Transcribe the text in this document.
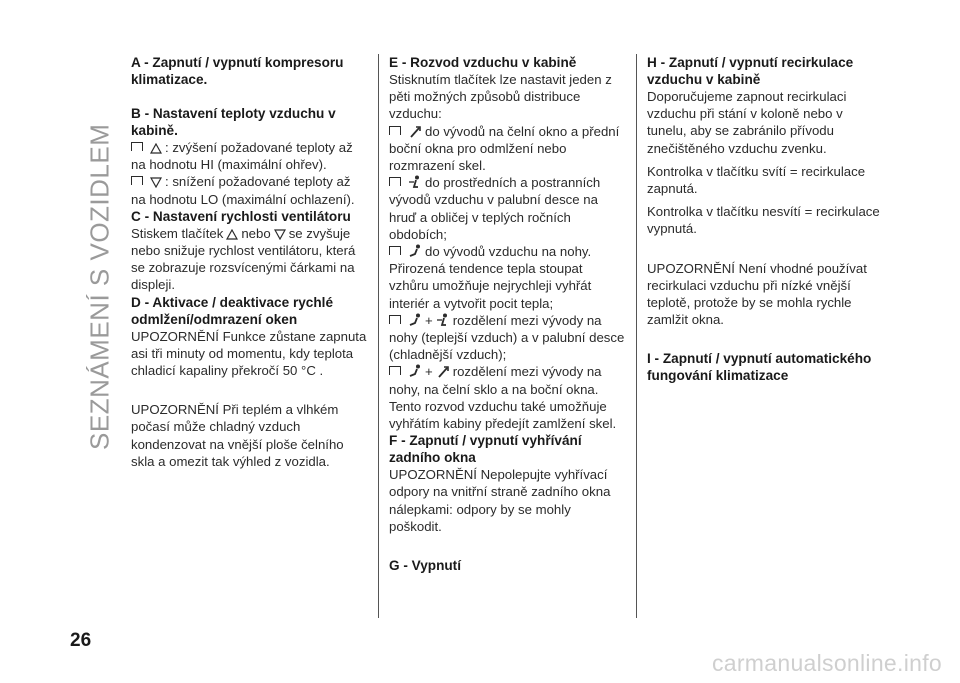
SEZNÁMENÍ S VOZIDLEM
A - Zapnutí / vypnutí kompresoru klimatizace.
B - Nastavení teploty vzduchu v kabině.

: zvýšení požadované teploty až na hodnotu HI (maximální ohřev).

: snížení požadované teploty až na hodnotu LO (maximální ochlazení).

C - Nastavení rychlosti ventilátoru

Stiskem tlačítek nebo se zvyšuje nebo snižuje rychlost ventilátoru, která se zobrazuje rozsvícenými čárkami na displeji.

D - Aktivace / deaktivace rychlé odmlžení/odmrazení oken

UPOZORNĚNÍ Funkce zůstane zapnuta asi tři minuty od momentu, kdy teplota chladicí kapaliny překročí 50 °C .

UPOZORNĚNÍ Při teplém a vlhkém počasí může chladný vzduch kondenzovat na vnější ploše čelního skla a omezit tak výhled z vozidla.

E - Rozvod vzduchu v kabině

Stisknutím tlačítek lze nastavit jeden z pěti možných způsobů distribuce vzduchu:

do vývodů na čelní okno a přední boční okna pro odmlžení nebo rozmrazení skel.

do prostředních a postranních vývodů vzduchu v palubní desce na hruď a obličej v teplých ročních obdobích;

do vývodů vzduchu na nohy. Přirozená tendence tepla stoupat vzhůru umožňuje nejrychleji vyhřát interiér a vytvořit pocit tepla;

+ rozdělení mezi vývody na nohy (teplejší vzduch) a v palubní desce (chladnější vzduch);

+ rozdělení mezi vývody na nohy, na čelní sklo a na boční okna. Tento rozvod vzduchu také umožňuje vyhřátím kabiny předejít zamlžení skel.

F - Zapnutí / vypnutí vyhřívání zadního okna

UPOZORNĚNÍ Nepolepujte vyhřívací odpory na vnitřní straně zadního okna nálepkami: odpory by se mohly poškodit.

G - Vypnutí
H - Zapnutí / vypnutí recirkulace vzduchu v kabině

Doporučujeme zapnout recirkulaci vzduchu při stání v koloně nebo v tunelu, aby se zabránilo přívodu znečištěného vzduchu zvenku.

Kontrolka v tlačítku svítí = recirkulace zapnutá.

Kontrolka v tlačítku nesvítí = recirkulace vypnutá.

UPOZORNĚNÍ Není vhodné používat recirkulaci vzduchu při nízké vnější teplotě, protože by se mohla rychle zamlžit okna.

I - Zapnutí / vypnutí automatického fungování klimatizace
26
carmanualsonline.info
